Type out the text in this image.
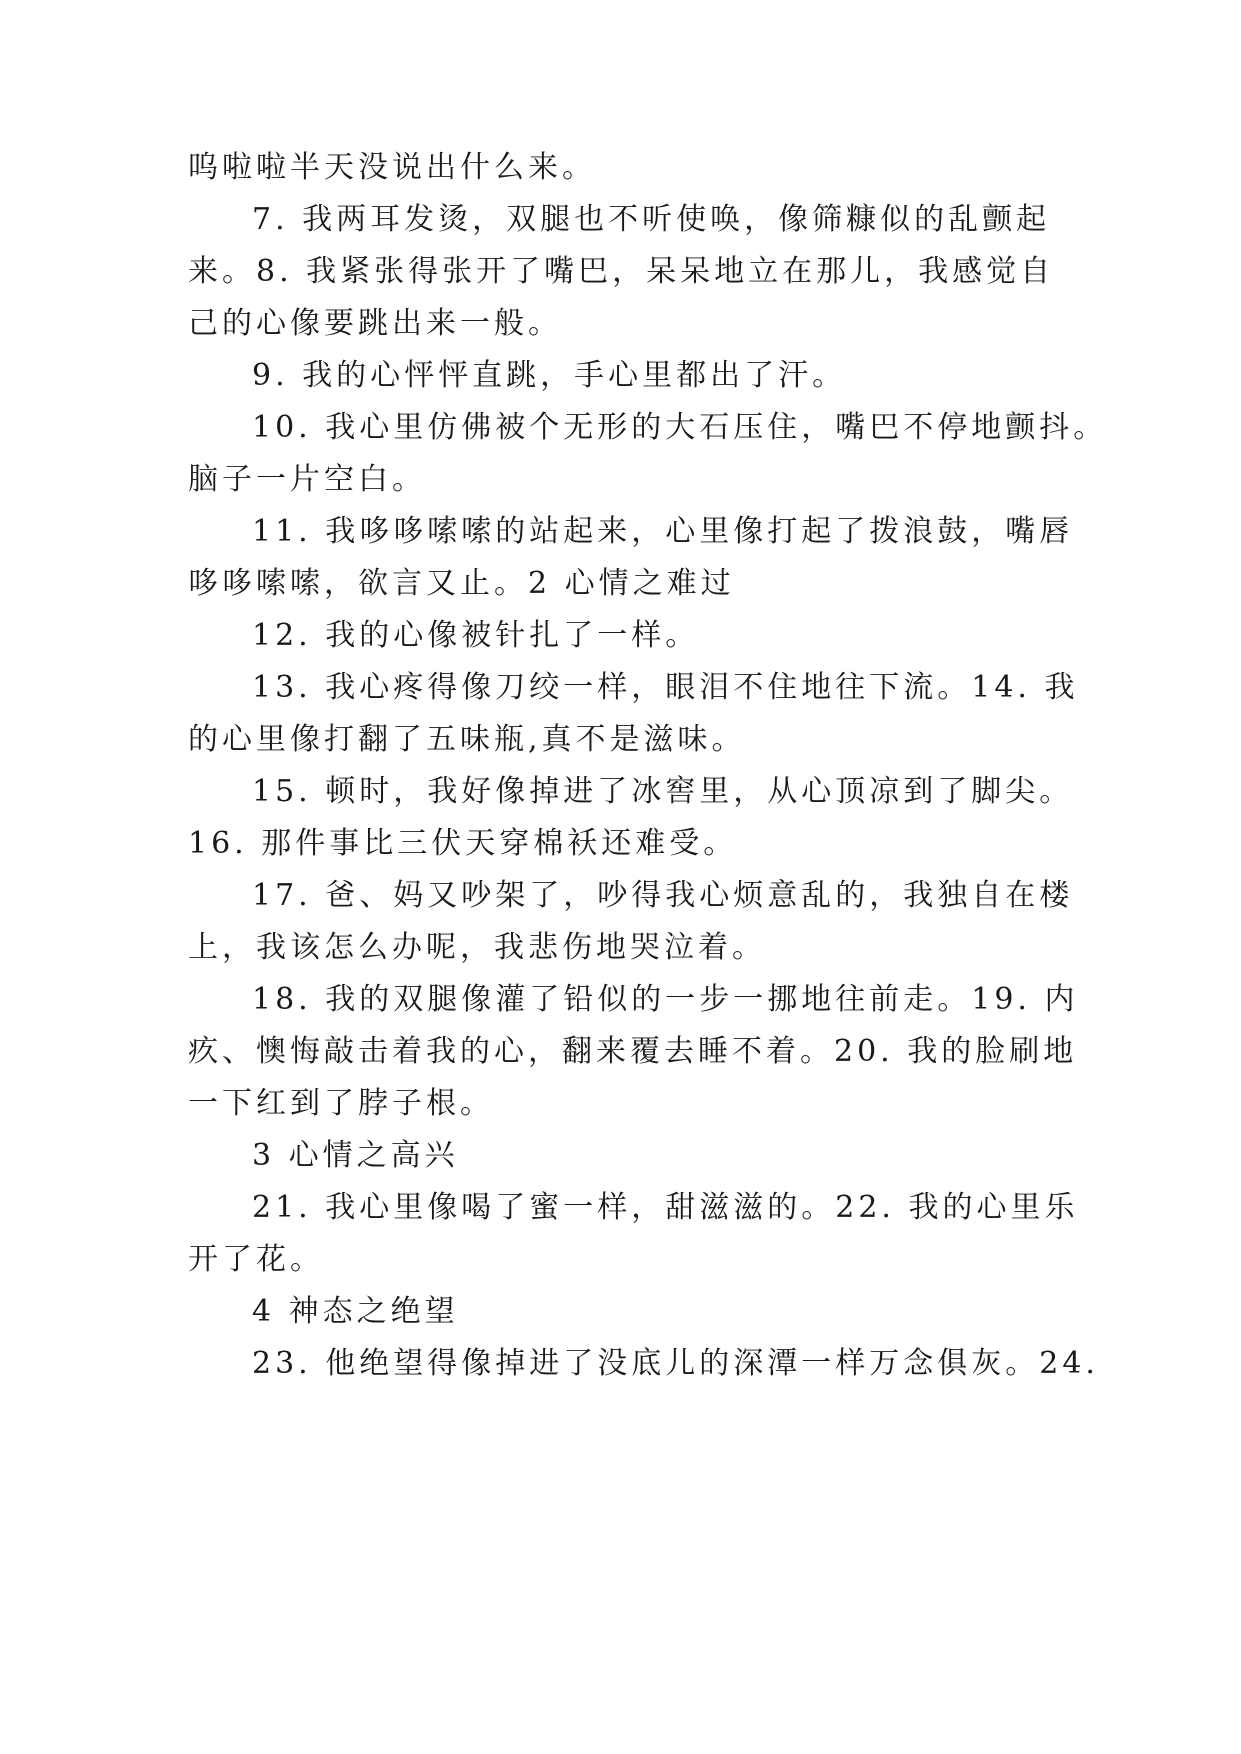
呜啦啦半天没说出什么来。
7. 我两耳发烫，双腿也不听使唤，像筛糠似的乱颤起
来。8. 我紧张得张开了嘴巴，呆呆地立在那儿，我感觉自
己的心像要跳出来一般。
9. 我的心怦怦直跳，手心里都出了汗。
10. 我心里仿佛被个无形的大石压住，嘴巴不停地颤抖。
脑子一片空白。
11. 我哆哆嗦嗦的站起来，心里像打起了拨浪鼓，嘴唇
哆哆嗦嗦，欲言又止。2 心情之难过
12. 我的心像被针扎了一样。
13. 我心疼得像刀绞一样，眼泪不住地往下流。14. 我
的心里像打翻了五味瓶,真不是滋味。
15. 顿时，我好像掉进了冰窖里，从心顶凉到了脚尖。
16. 那件事比三伏天穿棉袄还难受。
17. 爸、妈又吵架了，吵得我心烦意乱的，我独自在楼
上，我该怎么办呢，我悲伤地哭泣着。
18. 我的双腿像灌了铅似的一步一挪地往前走。19. 内
疚、懊悔敲击着我的心，翻来覆去睡不着。20. 我的脸刷地
一下红到了脖子根。
3 心情之高兴
21. 我心里像喝了蜜一样，甜滋滋的。22. 我的心里乐
开了花。
4 神态之绝望
23. 他绝望得像掉进了没底儿的深潭一样万念俱灰。24.
